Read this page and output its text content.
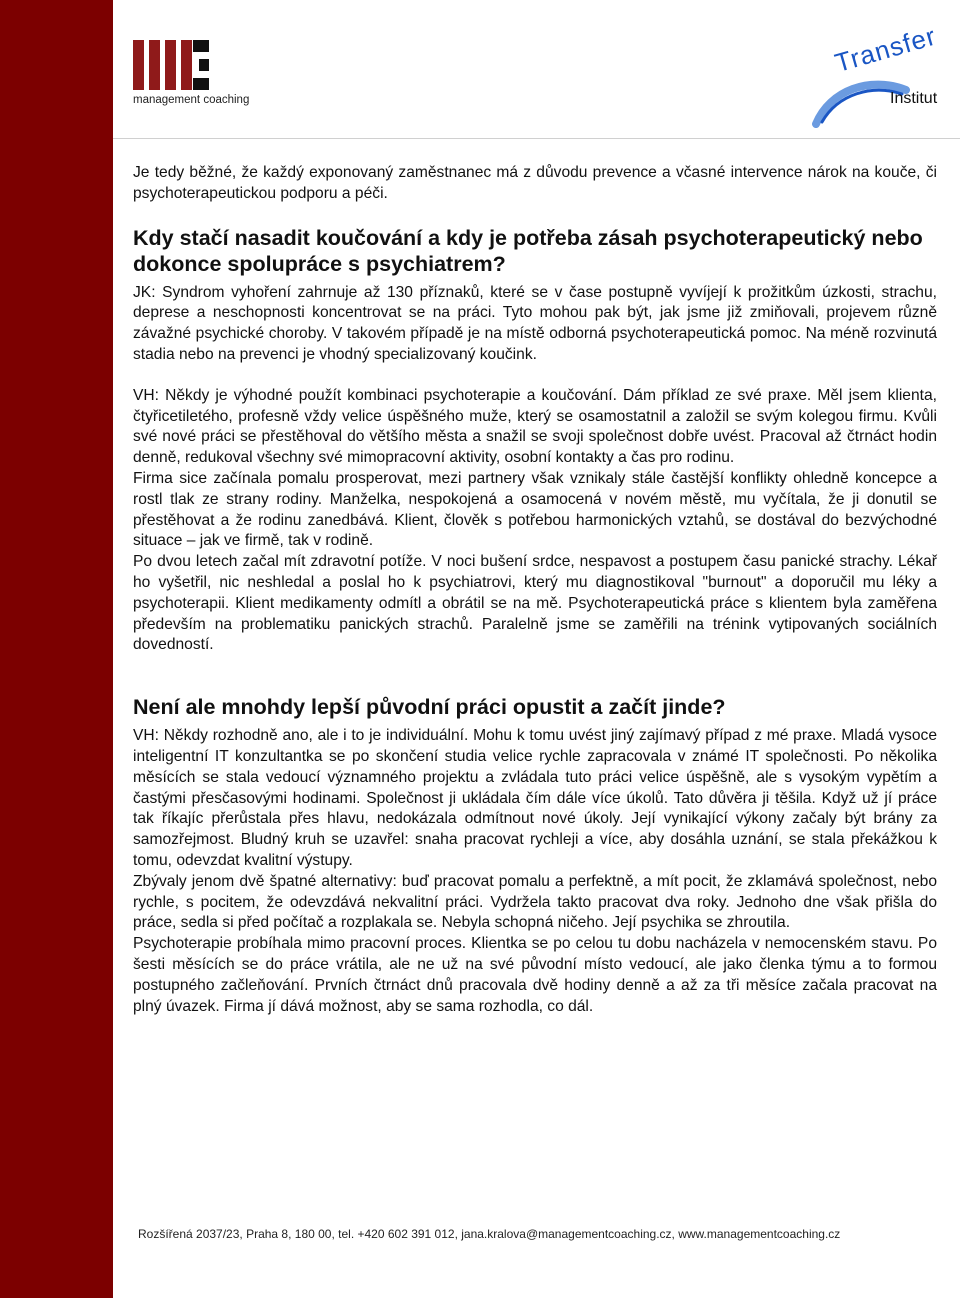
management coaching
Transfer
Institut

Je tedy běžné, že každý exponovaný zaměstnanec má z důvodu prevence a včasné intervence nárok na kouče, či psychoterapeutickou podporu a péči.

Kdy stačí nasadit koučování a kdy je potřeba zásah psychoterapeutický nebo dokonce spolupráce s psychiatrem?

JK: Syndrom vyhoření zahrnuje až 130 příznaků, které se v čase postupně vyvíjejí k prožitkům úzkosti, strachu, deprese a neschopnosti koncentrovat se na práci. Tyto mohou pak být, jak jsme již zmiňovali, projevem různě závažné psychické choroby. V takovém případě je na místě odborná psychoterapeutická pomoc. Na méně rozvinutá stadia nebo na prevenci je vhodný specializovaný koučink.

VH: Někdy je výhodné použít kombinaci psychoterapie a koučování. Dám příklad ze své praxe. Měl jsem klienta, čtyřicetiletého, profesně vždy velice úspěšného muže, který se osamostatnil a založil se svým kolegou firmu. Kvůli své nové práci se přestěhoval do většího města a snažil se svoji společnost dobře uvést. Pracoval až čtrnáct hodin denně, redukoval všechny své mimopracovní aktivity, osobní kontakty a čas pro rodinu.

Firma sice začínala pomalu prosperovat, mezi partnery však vznikaly stále častější konflikty ohledně koncepce a rostl tlak ze strany rodiny. Manželka, nespokojená a osamocená v novém městě, mu vyčítala, že ji donutil se přestěhovat a že rodinu zanedbává. Klient, člověk s potřebou harmonických vztahů, se dostával do bezvýchodné situace – jak ve firmě, tak v rodině.

Po dvou letech začal mít zdravotní potíže. V noci bušení srdce, nespavost a postupem času panické strachy. Lékař ho vyšetřil, nic neshledal a poslal ho k psychiatrovi, který mu diagnostikoval "burnout" a doporučil mu léky a psychoterapii. Klient medikamenty odmítl a obrátil se na mě. Psychoterapeutická práce s klientem byla zaměřena především na problematiku panických strachů. Paralelně jsme se zaměřili na trénink vytipovaných sociálních dovedností.

Není ale mnohdy lepší původní práci opustit a začít jinde?

VH: Někdy rozhodně ano, ale i to je individuální. Mohu k tomu uvést jiný zajímavý případ z mé praxe. Mladá vysoce inteligentní IT konzultantka se po skončení studia velice rychle zapracovala v známé IT společnosti. Po několika měsících se stala vedoucí významného projektu a zvládala tuto práci velice úspěšně, ale s vysokým vypětím a častými přesčasovými hodinami. Společnost ji ukládala čím dále více úkolů. Tato důvěra ji těšila. Když už jí práce tak říkajíc přerůstala přes hlavu, nedokázala odmítnout nové úkoly. Její vynikající výkony začaly být brány za samozřejmost. Bludný kruh se uzavřel: snaha pracovat rychleji a více, aby dosáhla uznání, se stala překážkou k tomu, odevzdat kvalitní výstupy.

Zbývaly jenom dvě špatné alternativy: buď pracovat pomalu a perfektně, a mít pocit, že zklamává společnost, nebo rychle, s pocitem, že odevzdává nekvalitní práci. Vydržela takto pracovat dva roky. Jednoho dne však přišla do práce, sedla si před počítač a rozplakala se. Nebyla schopná ničeho. Její psychika se zhroutila.

Psychoterapie probíhala mimo pracovní proces. Klientka se po celou tu dobu nacházela v nemocenském stavu. Po šesti měsících se do práce vrátila, ale ne už na své původní místo vedoucí, ale jako členka týmu a to formou postupného začleňování. Prvních čtrnáct dnů pracovala dvě hodiny denně a až za tři měsíce začala pracovat na plný úvazek. Firma jí dává možnost, aby se sama rozhodla, co dál.

Rozšířená 2037/23, Praha 8, 180 00, tel. +420 602 391 012, jana.kralova@managementcoaching.cz, www.managementcoaching.cz
